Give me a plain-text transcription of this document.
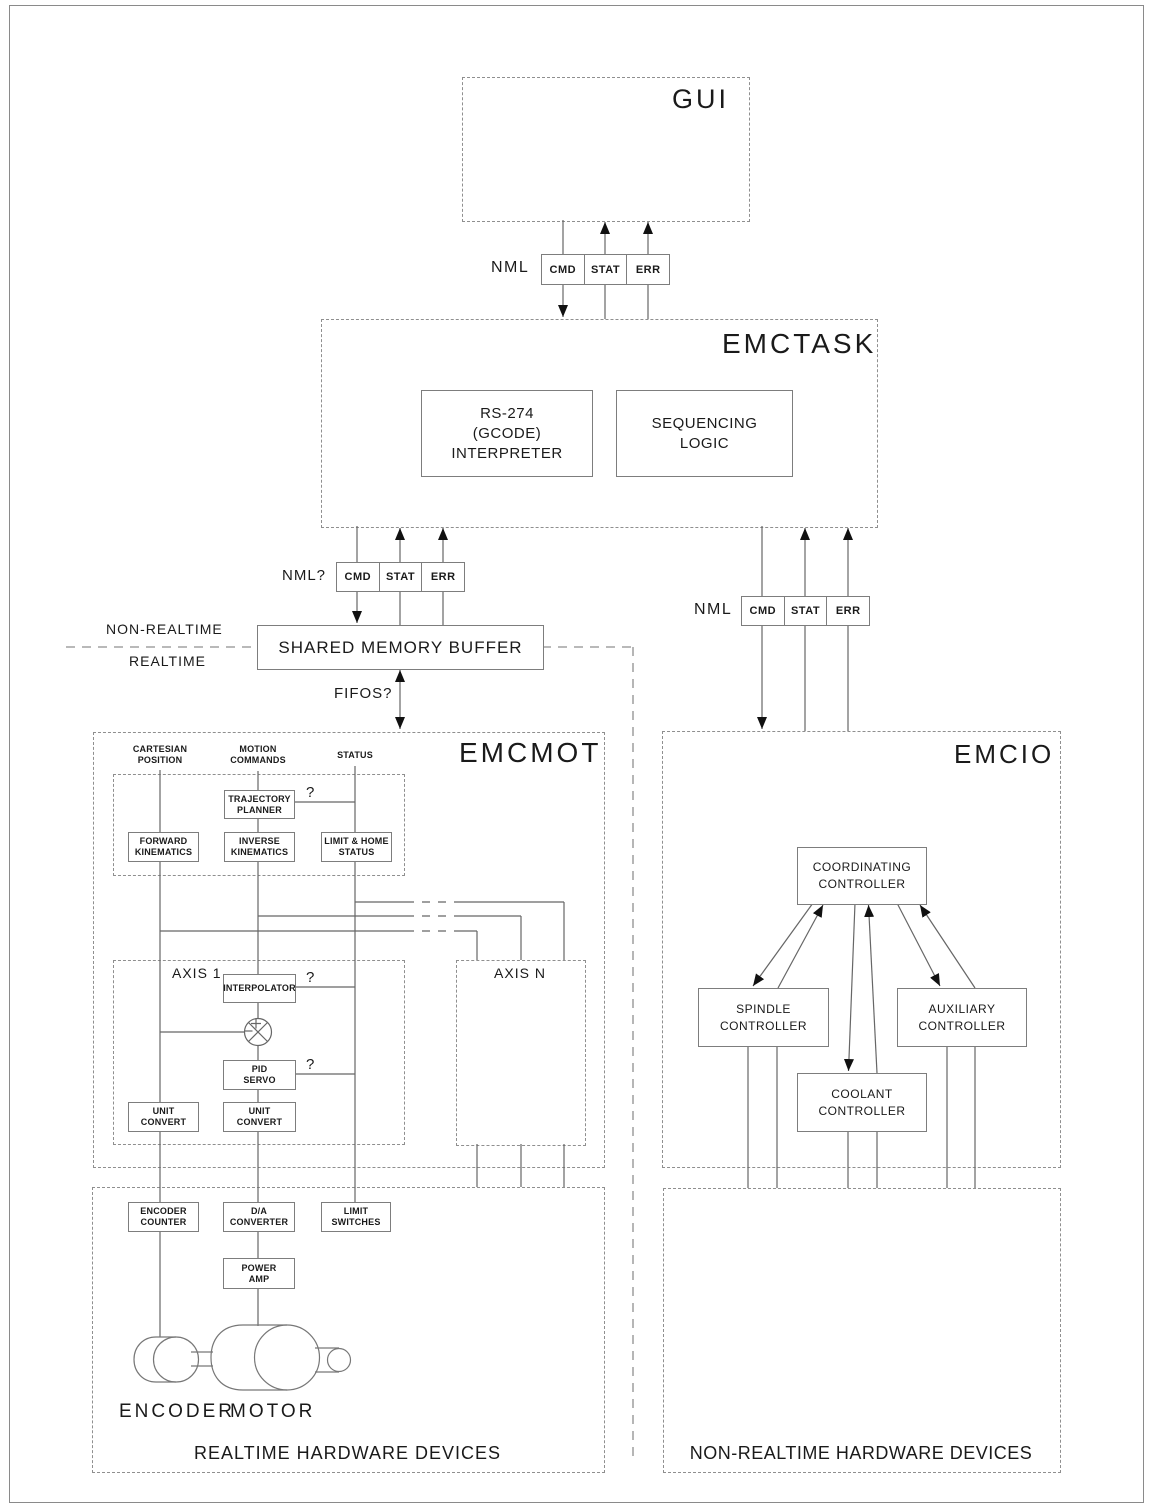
GUI
NML	CMD	STAT	ERR
EMCTASK
RS-274
(GCODE)
INTERPRETER
SEQUENCING
LOGIC
NML?	CMD	STAT	ERR
NML	CMD	STAT	ERR
SHARED MEMORY BUFFER
NON-REALTIME
REALTIME
FIFOS?
EMCMOT
CARTESIAN
POSITION
MOTION
COMMANDS	STATUS
TRAJECTORY
PLANNER
?
FORWARD
KINEMATICS
INVERSE
KINEMATICS
LIMIT & HOME
STATUS
AXIS 1	AXIS N
INTERPOLATOR
?
PID
SERVO
?
UNIT
CONVERT
UNIT
CONVERT
EMCIO
COORDINATING
CONTROLLER
SPINDLE
CONTROLLER
AUXILIARY
CONTROLLER
COOLANT
CONTROLLER
ENCODER
COUNTER
D/A
CONVERTER
LIMIT
SWITCHES
POWER
AMP
ENCODER
MOTOR
REALTIME HARDWARE DEVICES	NON-REALTIME HARDWARE DEVICES
